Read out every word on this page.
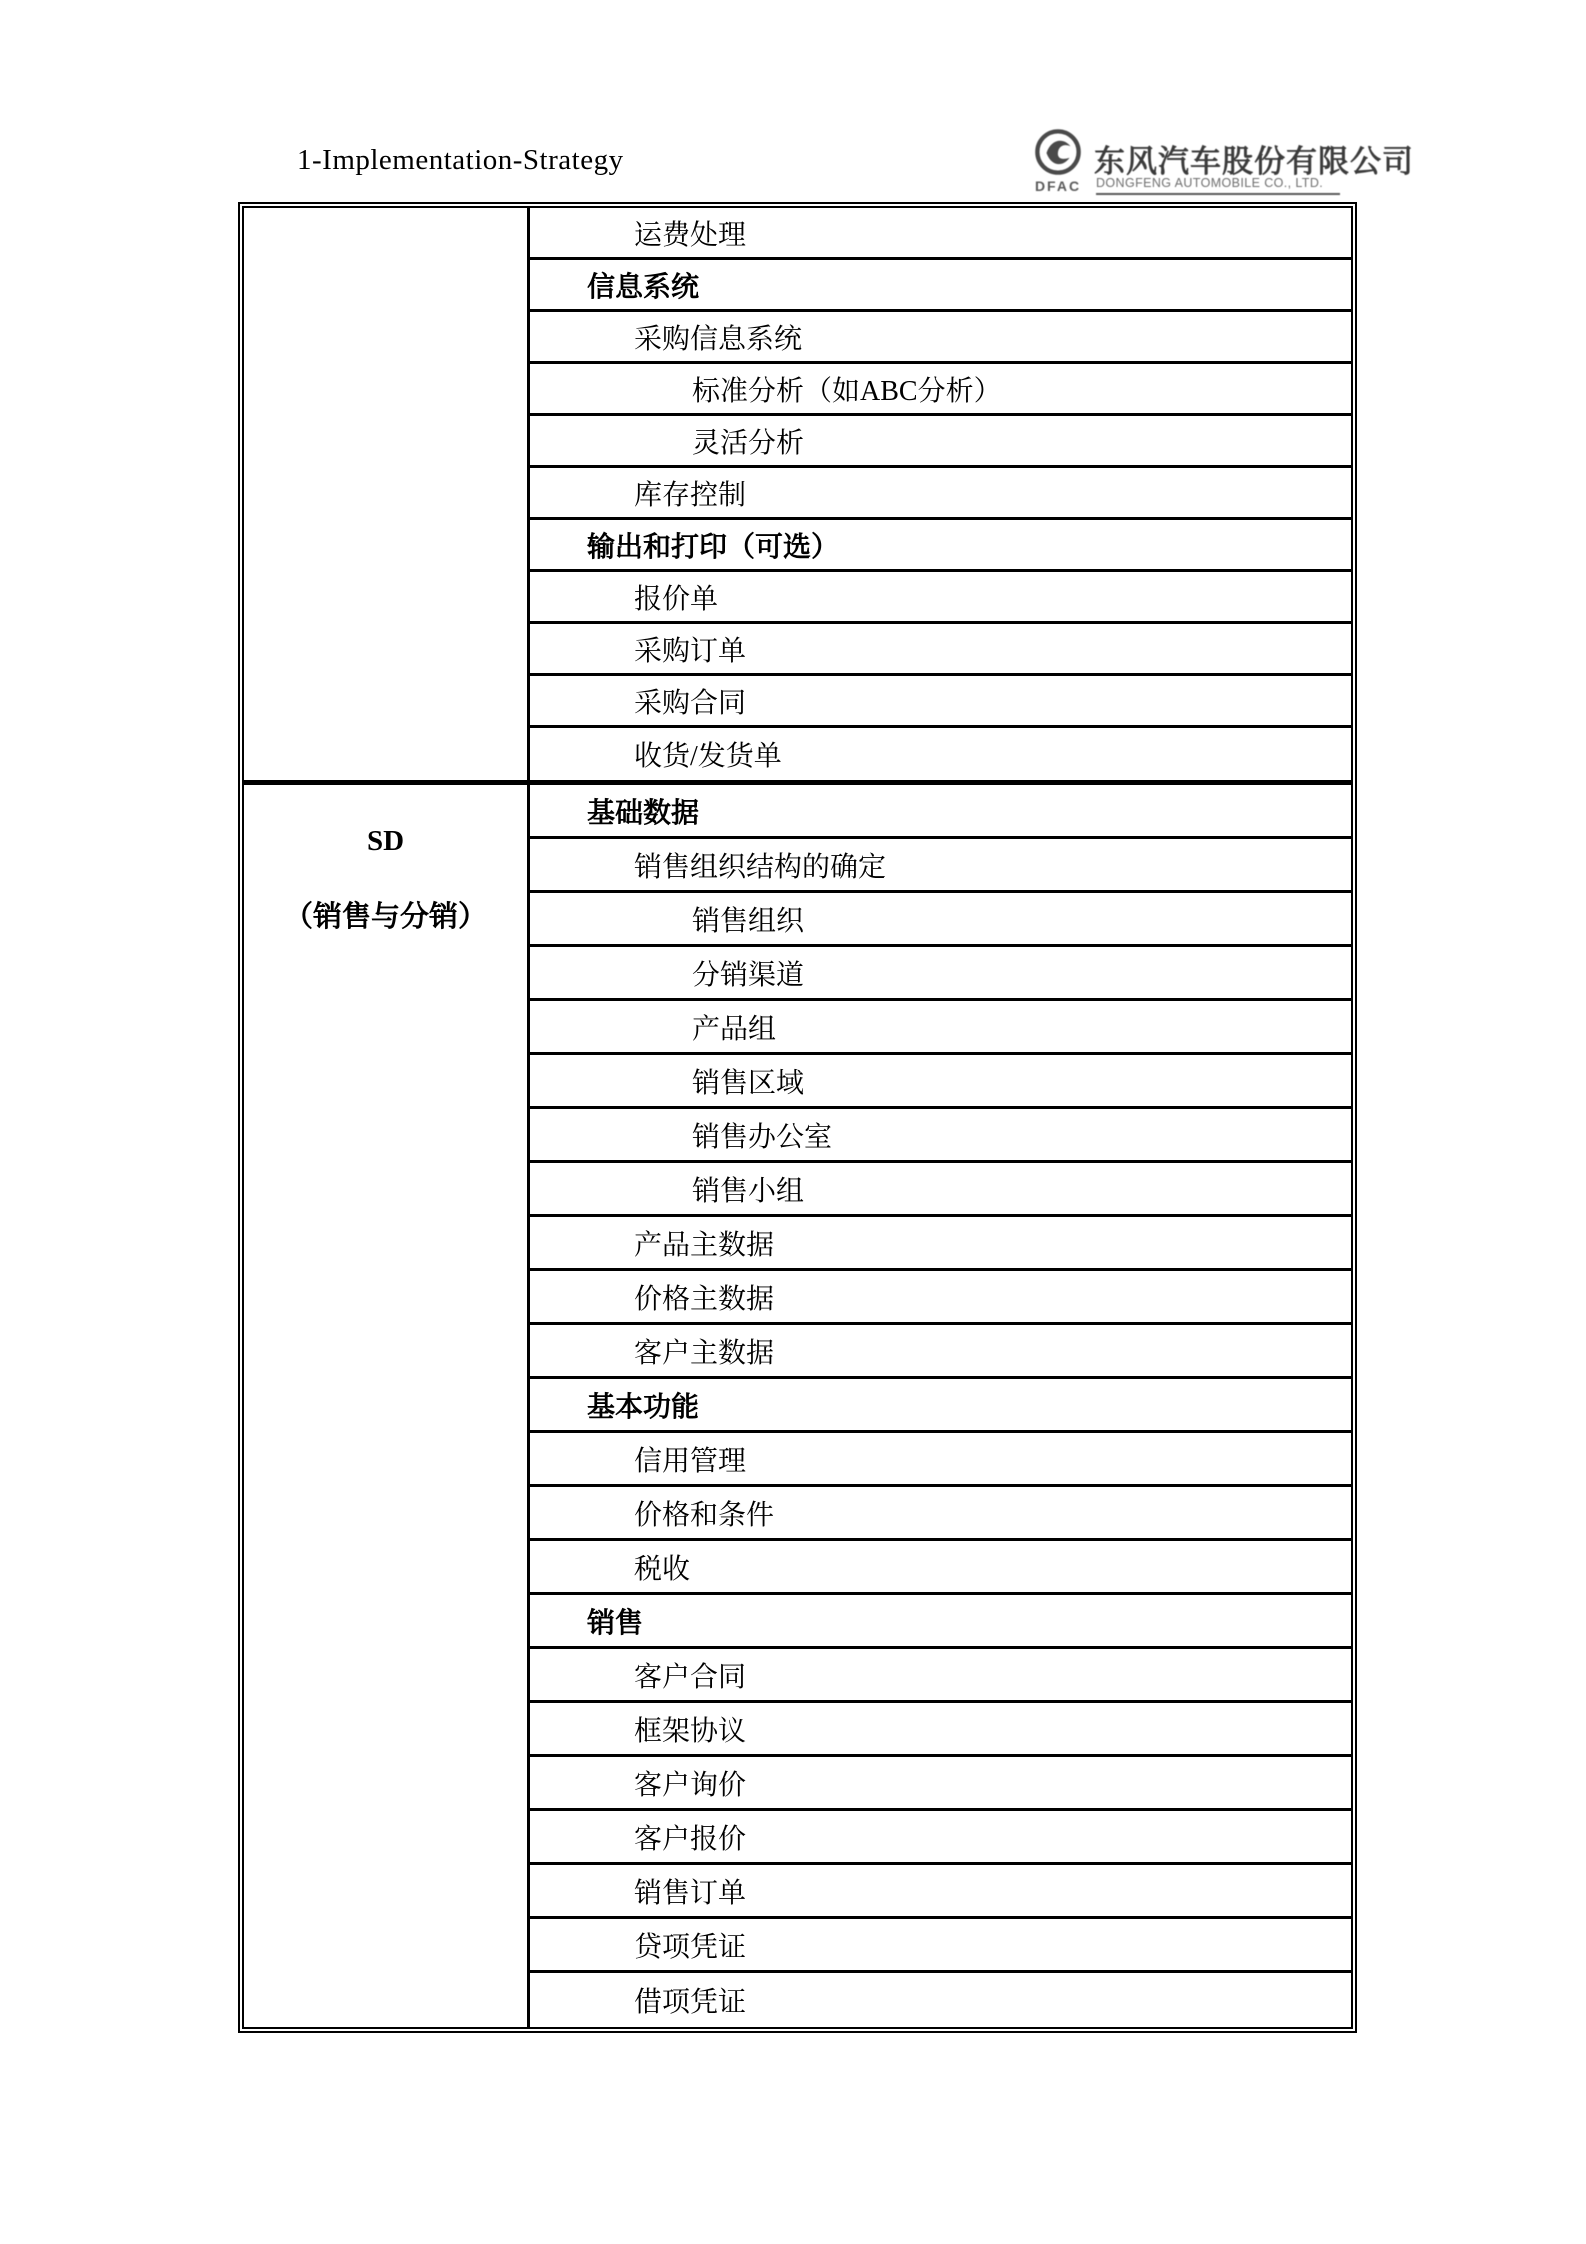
1-Implementation-Strategy
DFAC
东风汽车股份有限公司
DONGFENG AUTOMOBILE CO., LTD.
运费处理
信息系统
采购信息系统
标准分析（如ABC分析）
灵活分析
库存控制
输出和打印（可选）
报价单
采购订单
采购合同
收货/发货单
SD
（销售与分销）
基础数据
销售组织结构的确定
销售组织
分销渠道
产品组
销售区域
销售办公室
销售小组
产品主数据
价格主数据
客户主数据
基本功能
信用管理
价格和条件
税收
销售
客户合同
框架协议
客户询价
客户报价
销售订单
贷项凭证
借项凭证
